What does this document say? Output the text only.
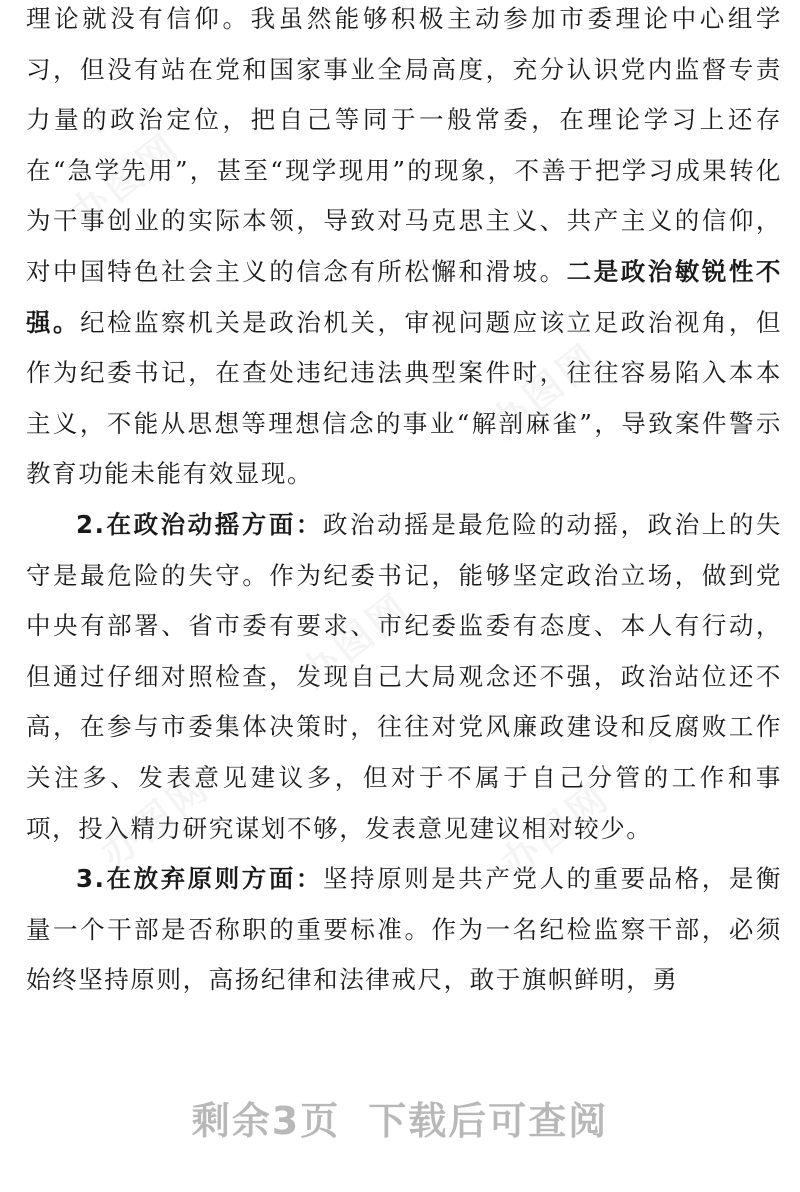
理论就没有信仰。我虽然能够积极主动参加市委理论中心组学习，但没有站在党和国家事业全局高度，充分认识党内监督专责力量的政治定位，把自己等同于一般常委，在理论学习上还存在“急学先用”，甚至“现学现用”的现象，不善于把学习成果转化为干事创业的实际本领，导致对马克思主义、共产主义的信仰，对中国特色社会主义的信念有所松懈和滑坡。二是政治敏锐性不强。纪检监察机关是政治机关，审视问题应该立足政治视角，但作为纪委书记，在查处违纪违法典型案件时，往往容易陷入本本主义，不能从思想等理想信念的事业“解剖麻雀”，导致案件警示教育功能未能有效显现。

2.在政治动摇方面：政治动摇是最危险的动摇，政治上的失守是最危险的失守。作为纪委书记，能够坚定政治立场，做到党中央有部署、省市委有要求、市纪委监委有态度、本人有行动，但通过仔细对照检查，发现自己大局观念还不强，政治站位还不高，在参与市委集体决策时，往往对党风廉政建设和反腐败工作关注多、发表意见建议多，但对于不属于自己分管的工作和事项，投入精力研究谋划不够，发表意见建议相对较少。

3.在放弃原则方面：坚持原则是共产党人的重要品格，是衡量一个干部是否称职的重要标准。作为一名纪检监察干部，必须始终坚持原则，高扬纪律和法律戒尺，敢于旗帜鲜明，勇

办图网
办图网
办图网
办图网	办图网
剩余3页 下载后可查阅
